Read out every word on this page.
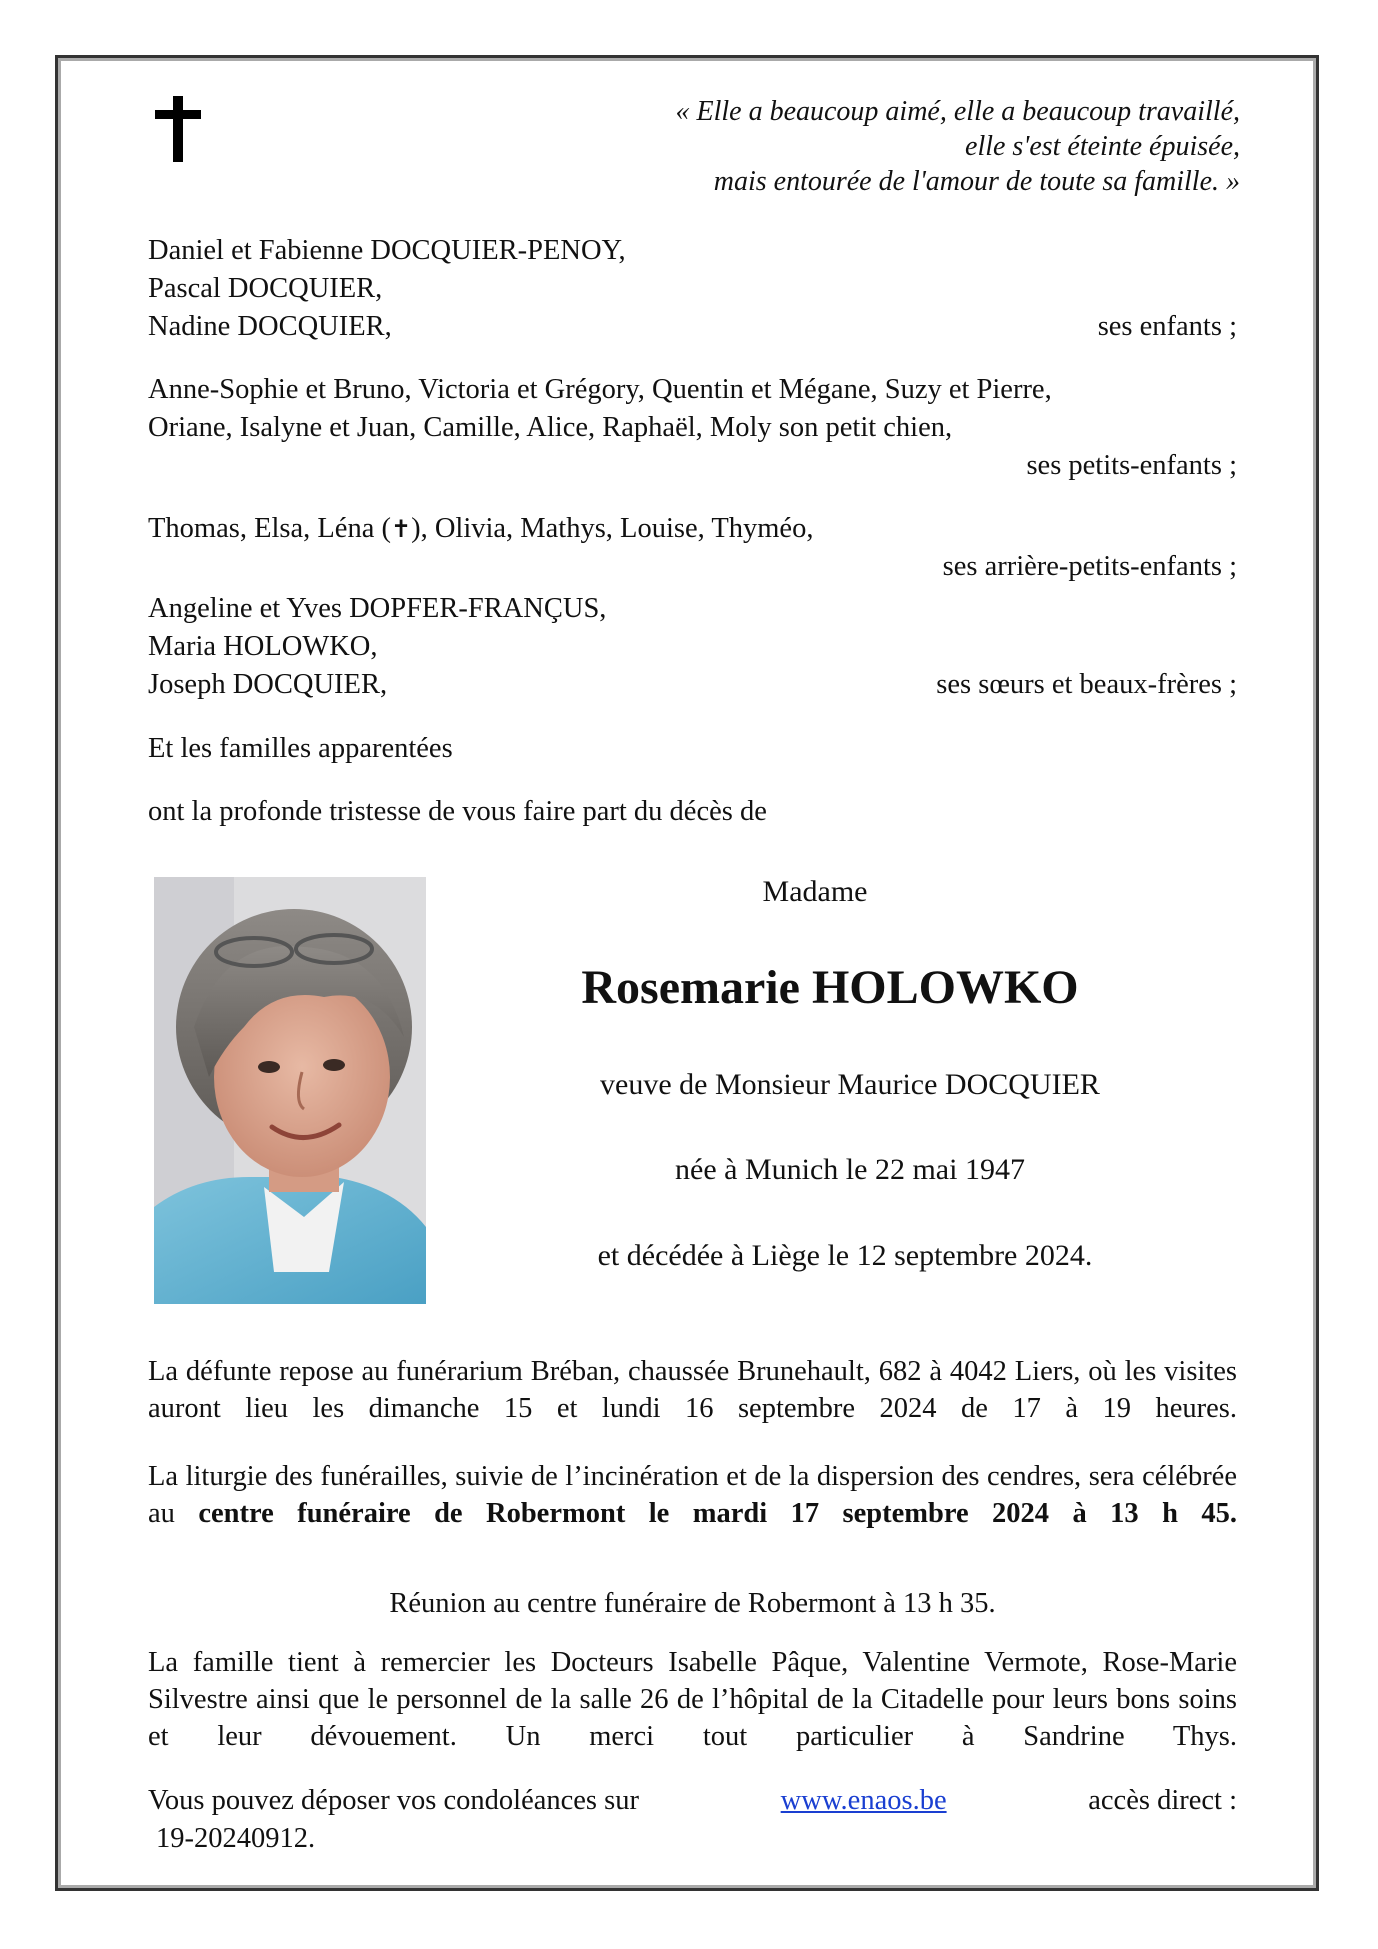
« Elle a beaucoup aimé, elle a beaucoup travaillé,
elle s'est éteinte épuisée,
mais entourée de l'amour de toute sa famille. »
Daniel et Fabienne DOCQUIER-PENOY,
Pascal DOCQUIER,
Nadine DOCQUIER,	ses enfants ;
Anne-Sophie et Bruno, Victoria et Grégory, Quentin et Mégane, Suzy et Pierre,
Oriane, Isalyne et Juan, Camille, Alice, Raphaël, Moly son petit chien,
ses petits-enfants ;
Thomas, Elsa, Léna (✝), Olivia, Mathys, Louise, Thyméo,
ses arrière-petits-enfants ;
Angeline et Yves DOPFER-FRANÇUS,
Maria HOLOWKO,
Joseph DOCQUIER,	ses sœurs et beaux-frères ;
Et les familles apparentées
ont la profonde tristesse de vous faire part du décès de
Madame
Rosemarie HOLOWKO
veuve de Monsieur Maurice DOCQUIER
née à Munich le 22 mai 1947
et décédée à Liège le 12 septembre 2024.
La défunte repose au funérarium Bréban, chaussée Brunehault, 682 à 4042 Liers, où les visites auront lieu les dimanche 15 et lundi 16 septembre 2024 de 17 à 19 heures.
La liturgie des funérailles, suivie de l’incinération et de la dispersion des cendres, sera célébrée au centre funéraire de Robermont le mardi 17 septembre 2024 à 13 h 45.
Réunion au centre funéraire de Robermont à 13 h 35.
La famille tient à remercier les Docteurs Isabelle Pâque, Valentine Vermote, Rose-Marie Silvestre ainsi que le personnel de la salle 26 de l’hôpital de la Citadelle pour leurs bons soins et leur dévouement. Un merci tout particulier à Sandrine Thys.
Vous pouvez déposer vos condoléances sur	www.enaos.be	accès direct :
19-20240912.
